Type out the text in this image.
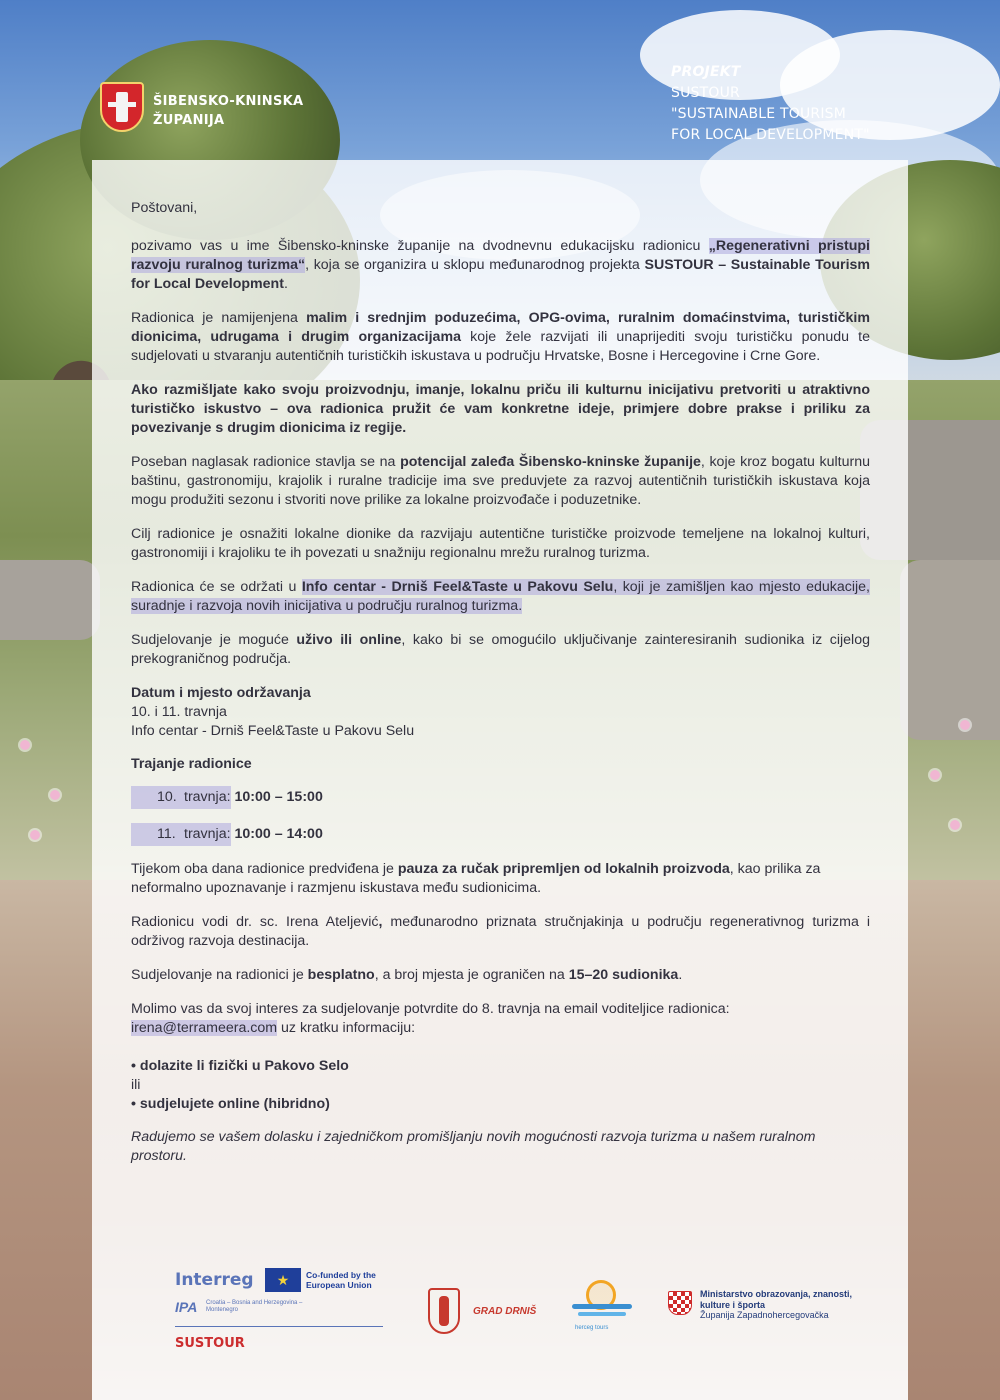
ŠIBENSKO-KNINSKA
ŽUPANIJA
PROJEKT
SUSTOUR
"SUSTAINABLE TOURISM
FOR LOCAL DEVELOPMENT"

Poštovani,

pozivamo vas u ime Šibensko-kninske županije na dvodnevnu edukacijsku radionicu „Regenerativni pristupi razvoju ruralnog turizma“, koja se organizira u sklopu međunarodnog projekta SUSTOUR – Sustainable Tourism for Local Development.

Radionica je namijenjena malim i srednjim poduzećima, OPG-ovima, ruralnim domaćinstvima, turističkim dionicima, udrugama i drugim organizacijama koje žele razvijati ili unaprijediti svoju turističku ponudu te sudjelovati u stvaranju autentičnih turističkih iskustava u području Hrvatske, Bosne i Hercegovine i Crne Gore.

Ako razmišljate kako svoju proizvodnju, imanje, lokalnu priču ili kulturnu inicijativu pretvoriti u atraktivno turističko iskustvo – ova radionica pružit će vam konkretne ideje, primjere dobre prakse i priliku za povezivanje s drugim dionicima iz regije.

Poseban naglasak radionice stavlja se na potencijal zaleđa Šibensko-kninske županije, koje kroz bogatu kulturnu baštinu, gastronomiju, krajolik i ruralne tradicije ima sve preduvjete za razvoj autentičnih turističkih iskustava koja mogu produžiti sezonu i stvoriti nove prilike za lokalne proizvođače i poduzetnike.

Cilj radionice je osnažiti lokalne dionike da razvijaju autentične turističke proizvode temeljene na lokalnoj kulturi, gastronomiji i krajoliku te ih povezati u snažniju regionalnu mrežu ruralnog turizma.

Radionica će se održati u Info centar - Drniš Feel&Taste u Pakovu Selu, koji je zamišljen kao mjesto edukacije, suradnje i razvoja novih inicijativa u području ruralnog turizma.

Sudjelovanje je moguće uživo ili online, kako bi se omogućilo uključivanje zainteresiranih sudionika iz cijelog prekograničnog područja.

Datum i mjesto održavanja
10. i 11. travnja
Info centar - Drniš Feel&Taste u Pakovu Selu

Trajanje radionice

10. travnja: 10:00 – 15:00
11. travnja: 10:00 – 14:00

Tijekom oba dana radionice predviđena je pauza za ručak pripremljen od lokalnih proizvoda, kao prilika za neformalno upoznavanje i razmjenu iskustava među sudionicima.

Radionicu vodi dr. sc. Irena Ateljević, međunarodno priznata stručnjakinja u području regenerativnog turizma i održivog razvoja destinacija.

Sudjelovanje na radionici je besplatno, a broj mjesta je ograničen na 15–20 sudionika.

Molimo vas da svoj interes za sudjelovanje potvrdite do 8. travnja na email voditeljice radionica:
irena@terrameera.com uz kratku informaciju:

• dolazite li fizički u Pakovo Selo
ili
• sudjelujete online (hibridno)

Radujemo se vašem dolasku i zajedničkom promišljanju novih mogućnosti razvoja turizma u našem ruralnom prostoru.

Interreg ★ Co-funded by the European Union
IPA Croatia – Bosnia and Herzegovina – Montenegro
SUSTOUR
GRAD DRNIŠ
herceg tours
Ministarstvo obrazovanja, znanosti, kulture i športa
Županija Zapadnohercegovačka
